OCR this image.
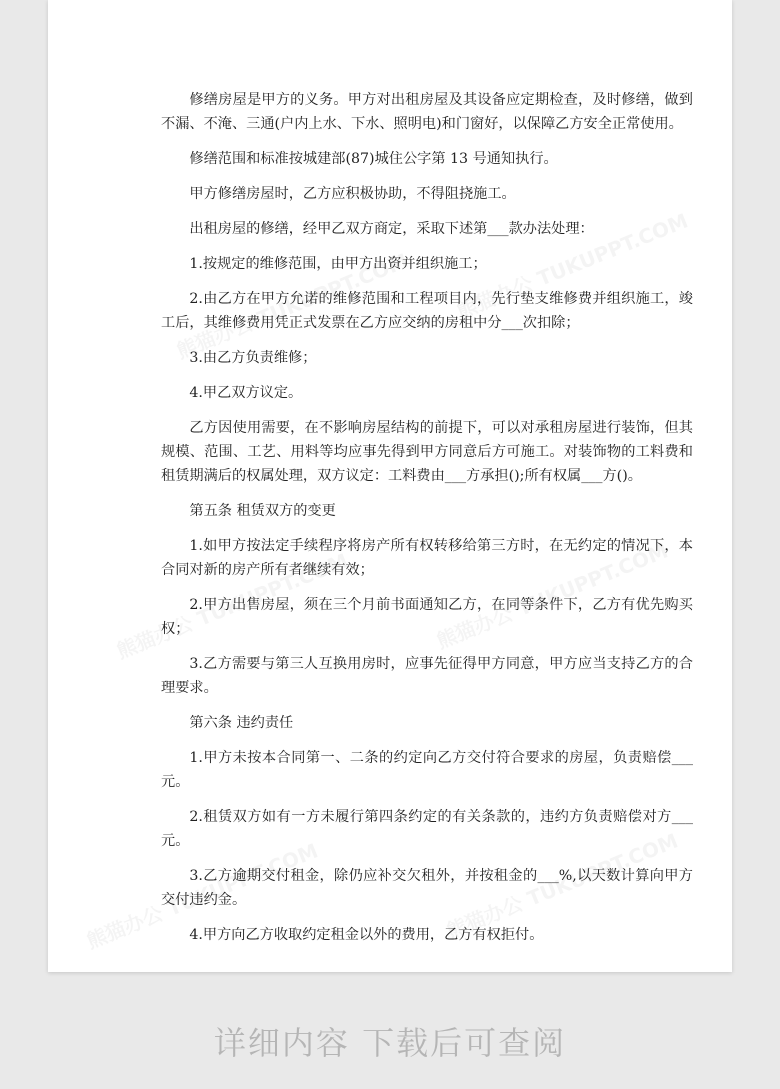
修缮房屋是甲方的义务。甲方对出租房屋及其设备应定期检查，及时修缮，做到不漏、不淹、三通(户内上水、下水、照明电)和门窗好，以保障乙方安全正常使用。

修缮范围和标准按城建部(87)城住公字第 13 号通知执行。

甲方修缮房屋时，乙方应积极协助，不得阻挠施工。

出租房屋的修缮，经甲乙双方商定，采取下述第___款办法处理：

1.按规定的维修范围，由甲方出资并组织施工；

2.由乙方在甲方允诺的维修范围和工程项目内，先行垫支维修费并组织施工，竣工后，其维修费用凭正式发票在乙方应交纳的房租中分___次扣除；

3.由乙方负责维修；

4.甲乙双方议定。

乙方因使用需要，在不影响房屋结构的前提下，可以对承租房屋进行装饰，但其规模、范围、工艺、用料等均应事先得到甲方同意后方可施工。对装饰物的工料费和租赁期满后的权属处理，双方议定：工料费由___方承担();所有权属___方()。

第五条 租赁双方的变更

1.如甲方按法定手续程序将房产所有权转移给第三方时，在无约定的情况下，本合同对新的房产所有者继续有效；

2.甲方出售房屋，须在三个月前书面通知乙方，在同等条件下，乙方有优先购买权；

3.乙方需要与第三人互换用房时，应事先征得甲方同意，甲方应当支持乙方的合理要求。

第六条 违约责任

1.甲方未按本合同第一、二条的约定向乙方交付符合要求的房屋，负责赔偿___元。

2.租赁双方如有一方未履行第四条约定的有关条款的，违约方负责赔偿对方___元。

3.乙方逾期交付租金，除仍应补交欠租外，并按租金的___%,以天数计算向甲方交付违约金。

4.甲方向乙方收取约定租金以外的费用，乙方有权拒付。

详细内容 下载后可查阅
